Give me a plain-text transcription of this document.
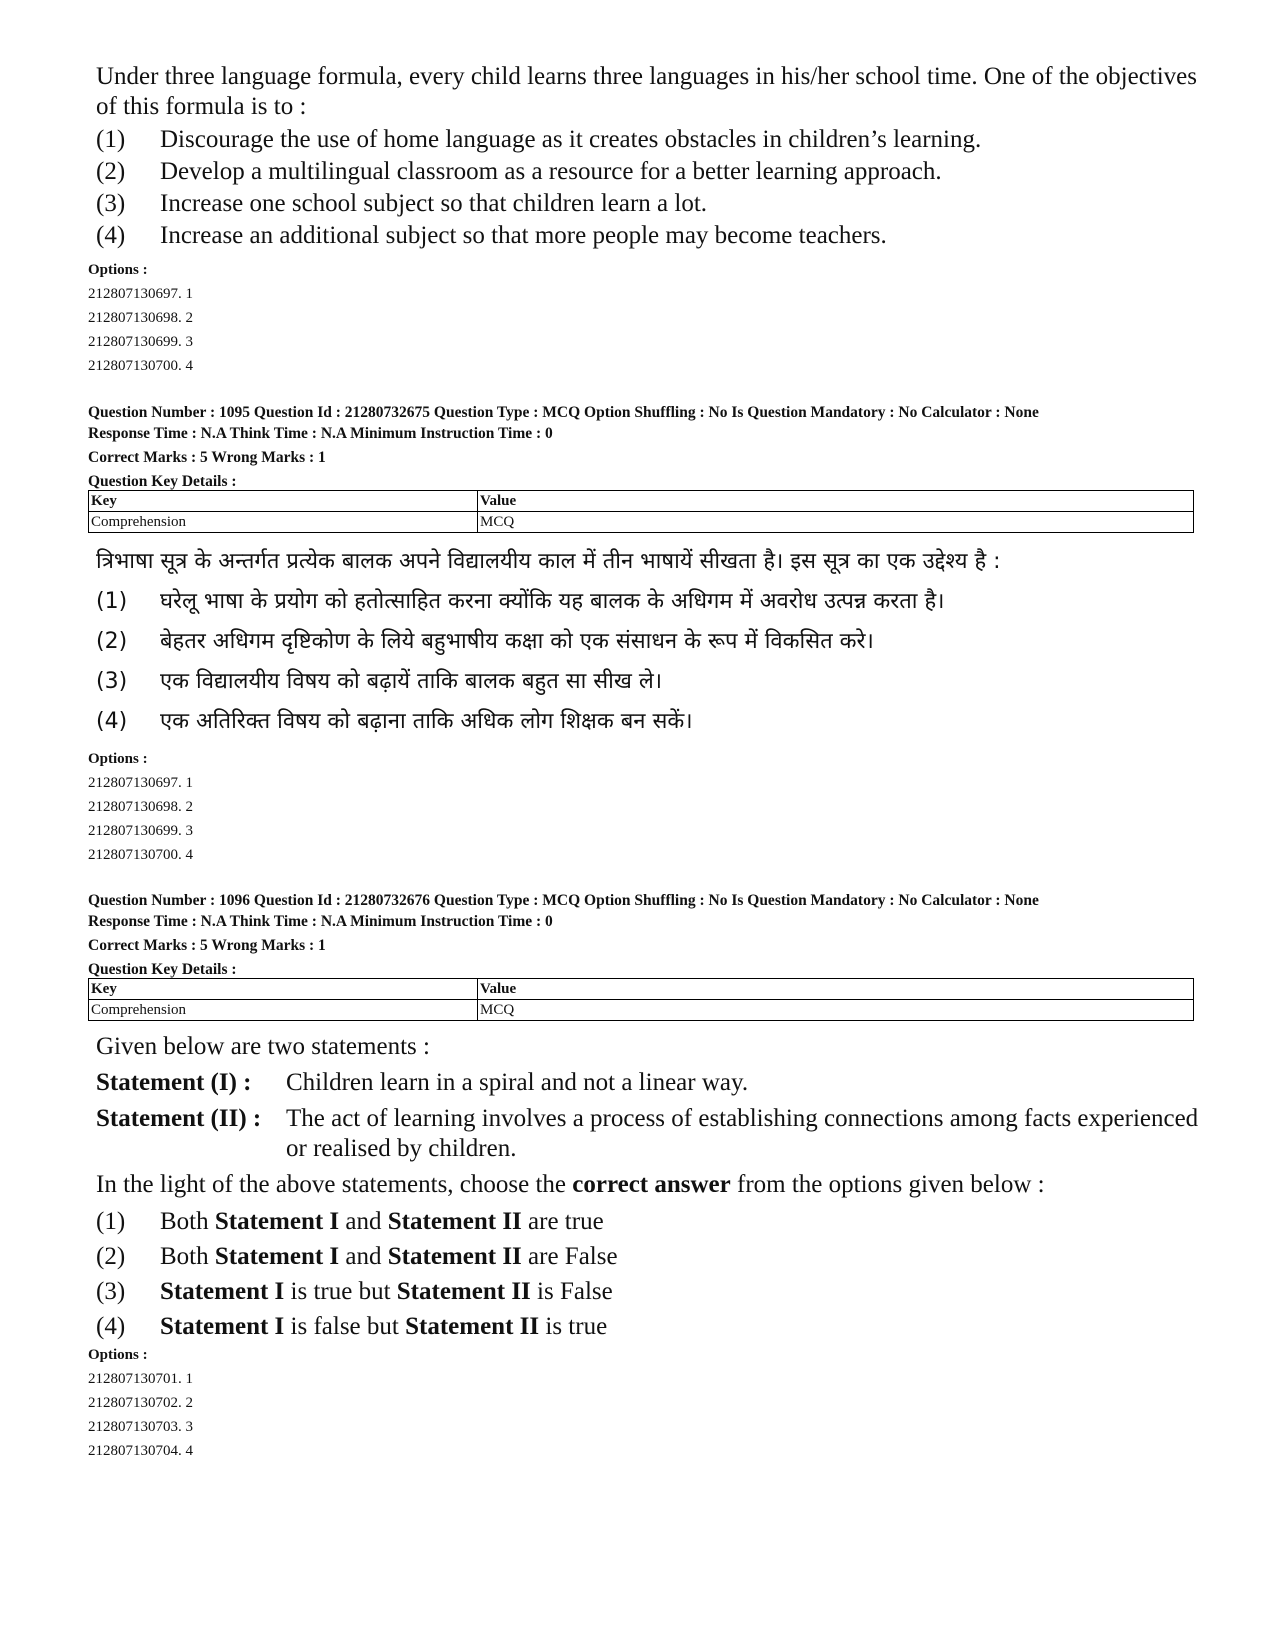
Under three language formula, every child learns three languages in his/her school time. One of the objectives of this formula is to :

(1)	Discourage the use of home language as it creates obstacles in children’s learning.
(2)	Develop a multilingual classroom as a resource for a better learning approach.
(3)	Increase one school subject so that children learn a lot.
(4)	Increase an additional subject so that more people may become teachers.
Options :
212807130697. 1
212807130698. 2
212807130699. 3
212807130700. 4
Question Number : 1095 Question Id : 21280732675 Question Type : MCQ Option Shuffling : No Is Question Mandatory : No Calculator : None
Response Time : N.A Think Time : N.A Minimum Instruction Time : 0
Correct Marks : 5 Wrong Marks : 1
Question Key Details :
Key	Value
Comprehension	MCQ

त्रिभाषा सूत्र के अन्तर्गत प्रत्येक बालक अपने विद्यालयीय काल में तीन भाषायें सीखता है। इस सूत्र का एक उद्देश्य है :

(1)	घरेलू भाषा के प्रयोग को हतोत्साहित करना क्योंकि यह बालक के अधिगम में अवरोध उत्पन्न करता है।
(2)	बेहतर अधिगम दृष्टिकोण के लिये बहुभाषीय कक्षा को एक संसाधन के रूप में विकसित करे।
(3)	एक विद्यालयीय विषय को बढ़ायें ताकि बालक बहुत सा सीख ले।
(4)	एक अतिरिक्त विषय को बढ़ाना ताकि अधिक लोग शिक्षक बन सकें।
Options :
212807130697. 1
212807130698. 2
212807130699. 3
212807130700. 4
Question Number : 1096 Question Id : 21280732676 Question Type : MCQ Option Shuffling : No Is Question Mandatory : No Calculator : None
Response Time : N.A Think Time : N.A Minimum Instruction Time : 0
Correct Marks : 5 Wrong Marks : 1
Question Key Details :
Key	Value
Comprehension	MCQ

Given below are two statements :

Statement (I) :	Children learn in a spiral and not a linear way.
Statement (II) : The act of learning involves a process of establishing connections among facts experienced or realised by children.

In the light of the above statements, choose the correct answer from the options given below :

(1)	Both Statement I and Statement II are true
(2)	Both Statement I and Statement II are False
(3)	Statement I is true but Statement II is False
(4)	Statement I is false but Statement II is true
Options :
212807130701. 1
212807130702. 2
212807130703. 3
212807130704. 4
